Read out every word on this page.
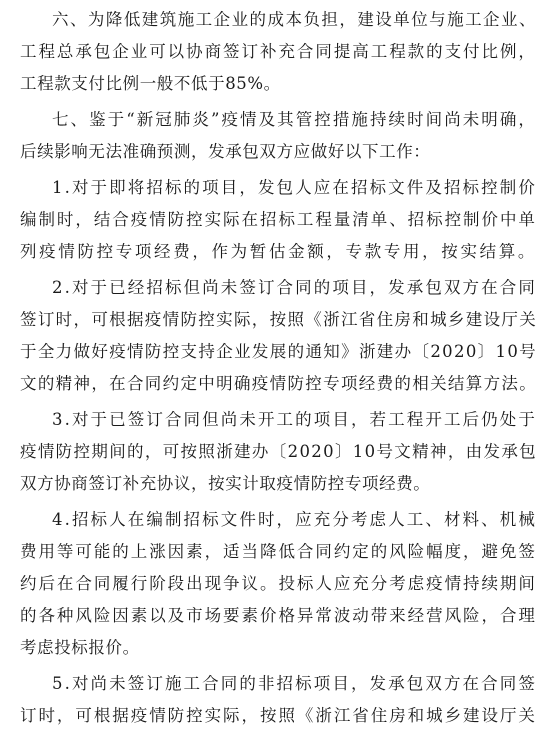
六、为降低建筑施工企业的成本负担，建设单位与施工企业、
工程总承包企业可以协商签订补充合同提高工程款的支付比例，
工程款支付比例一般不低于85%。
七、鉴于“新冠肺炎”疫情及其管控措施持续时间尚未明确，
后续影响无法准确预测，发承包双方应做好以下工作：
1.对于即将招标的项目，发包人应在招标文件及招标控制价
编制时，结合疫情防控实际在招标工程量清单、招标控制价中单
列疫情防控专项经费，作为暂估金额，专款专用，按实结算。
2.对于已经招标但尚未签订合同的项目，发承包双方在合同
签订时，可根据疫情防控实际，按照《浙江省住房和城乡建设厅关
于全力做好疫情防控支持企业发展的通知》浙建办〔2020〕10号
文的精神，在合同约定中明确疫情防控专项经费的相关结算方法。
3.对于已签订合同但尚未开工的项目，若工程开工后仍处于
疫情防控期间的，可按照浙建办〔2020〕10号文精神，由发承包
双方协商签订补充协议，按实计取疫情防控专项经费。
4.招标人在编制招标文件时，应充分考虑人工、材料、机械
费用等可能的上涨因素，适当降低合同约定的风险幅度，避免签
约后在合同履行阶段出现争议。投标人应充分考虑疫情持续期间
的各种风险因素以及市场要素价格异常波动带来经营风险，合理
考虑投标报价。
5.对尚未签订施工合同的非招标项目，发承包双方在合同签
订时，可根据疫情防控实际，按照《浙江省住房和城乡建设厅关
